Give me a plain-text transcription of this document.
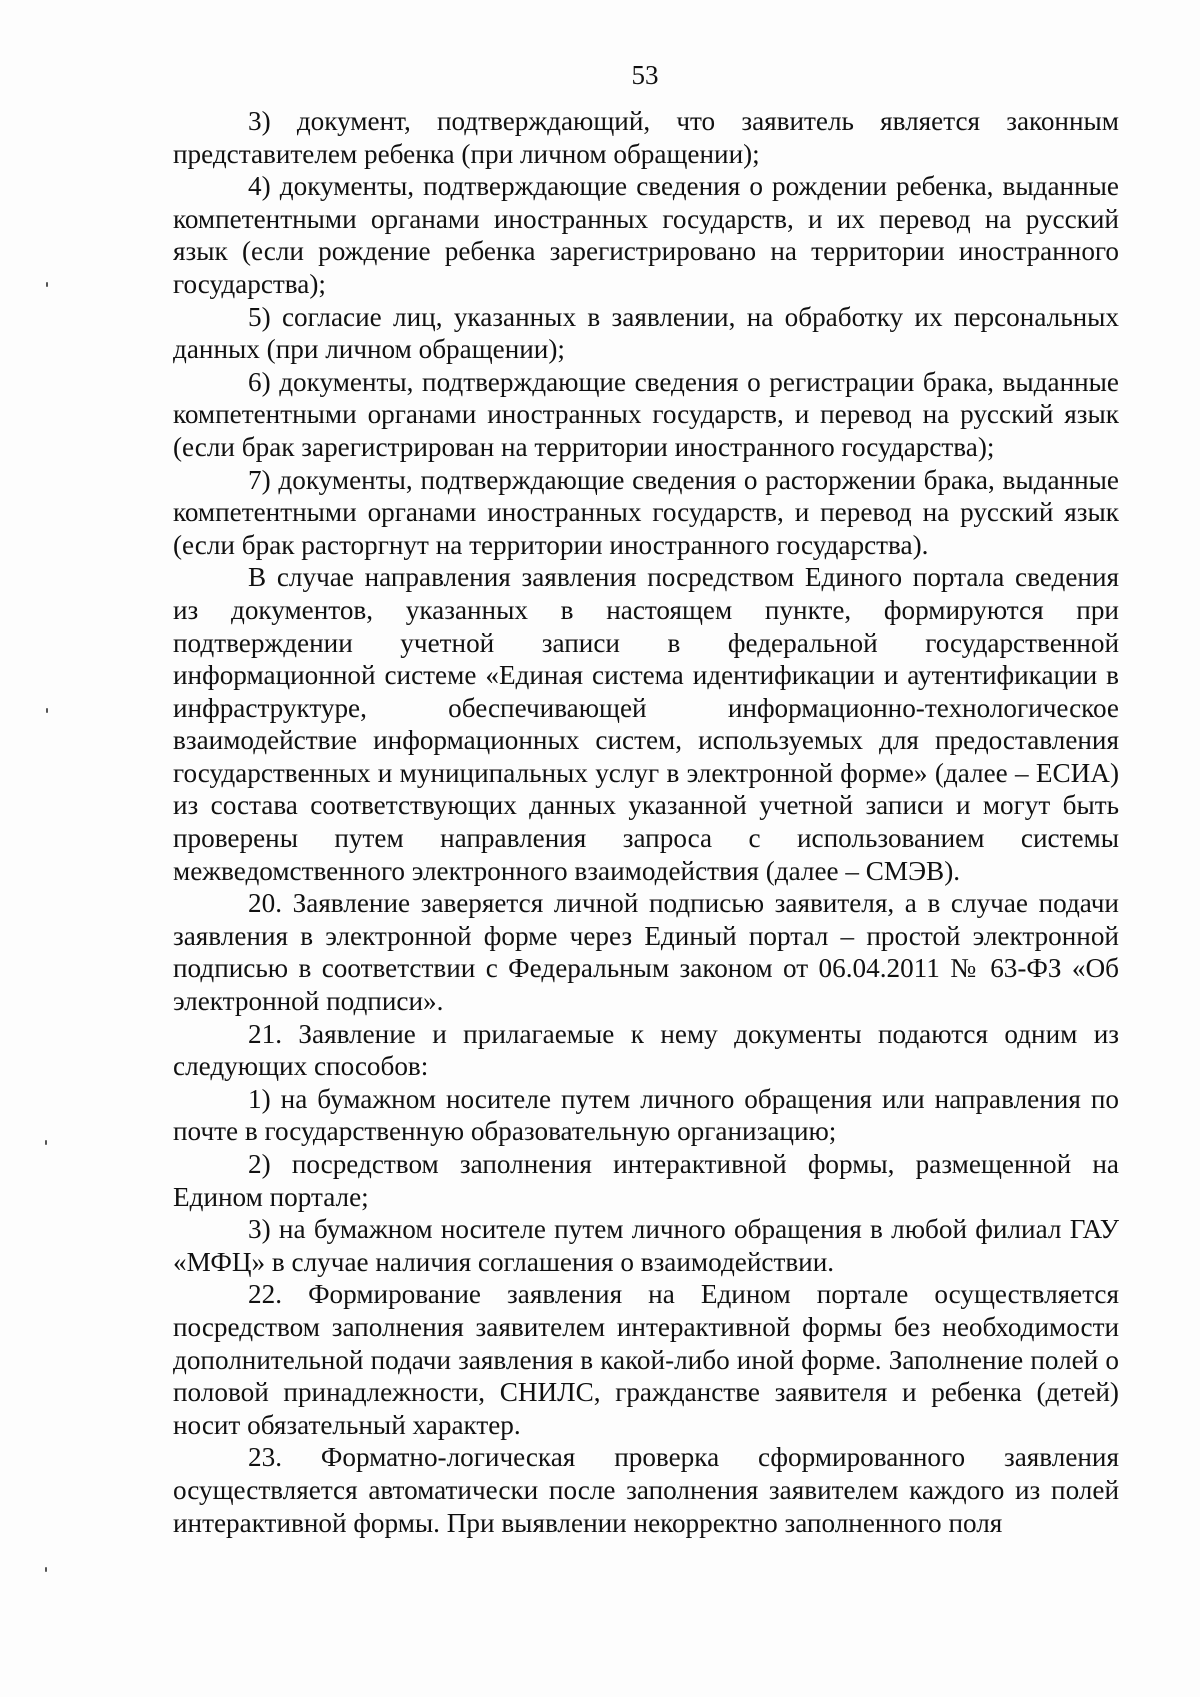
53

3) документ, подтверждающий, что заявитель является законным представителем ребенка (при личном обращении);

4) документы, подтверждающие сведения о рождении ребенка, выданные компетентными органами иностранных государств, и их перевод на русский язык (если рождение ребенка зарегистрировано на территории иностранного государства);

5) согласие лиц, указанных в заявлении, на обработку их персональных данных (при личном обращении);

6) документы, подтверждающие сведения о регистрации брака, выданные компетентными органами иностранных государств, и перевод на русский язык (если брак зарегистрирован на территории иностранного государства);

7) документы, подтверждающие сведения о расторжении брака, выданные компетентными органами иностранных государств, и перевод на русский язык (если брак расторгнут на территории иностранного государства).

В случае направления заявления посредством Единого портала сведения из документов, указанных в настоящем пункте, формируются при подтверждении учетной записи в федеральной государственной информационной системе «Единая система идентификации и аутентификации в инфраструктуре, обеспечивающей информационно-технологическое взаимодействие информационных систем, используемых для предоставления государственных и муниципальных услуг в электронной форме» (далее – ЕСИА) из состава соответствующих данных указанной учетной записи и могут быть проверены путем направления запроса с использованием системы межведомственного электронного взаимодействия (далее – СМЭВ).

20. Заявление заверяется личной подписью заявителя, а в случае подачи заявления в электронной форме через Единый портал – простой электронной подписью в соответствии с Федеральным законом от 06.04.2011 № 63-ФЗ «Об электронной подписи».

21. Заявление и прилагаемые к нему документы подаются одним из следующих способов:

1) на бумажном носителе путем личного обращения или направления по почте в государственную образовательную организацию;

2) посредством заполнения интерактивной формы, размещенной на Едином портале;

3) на бумажном носителе путем личного обращения в любой филиал ГАУ «МФЦ» в случае наличия соглашения о взаимодействии.

22. Формирование заявления на Едином портале осуществляется посредством заполнения заявителем интерактивной формы без необходимости дополнительной подачи заявления в какой-либо иной форме. Заполнение полей о половой принадлежности, СНИЛС, гражданстве заявителя и ребенка (детей) носит обязательный характер.

23. Форматно-логическая проверка сформированного заявления осуществляется автоматически после заполнения заявителем каждого из полей интерактивной формы. При выявлении некорректно заполненного поля
